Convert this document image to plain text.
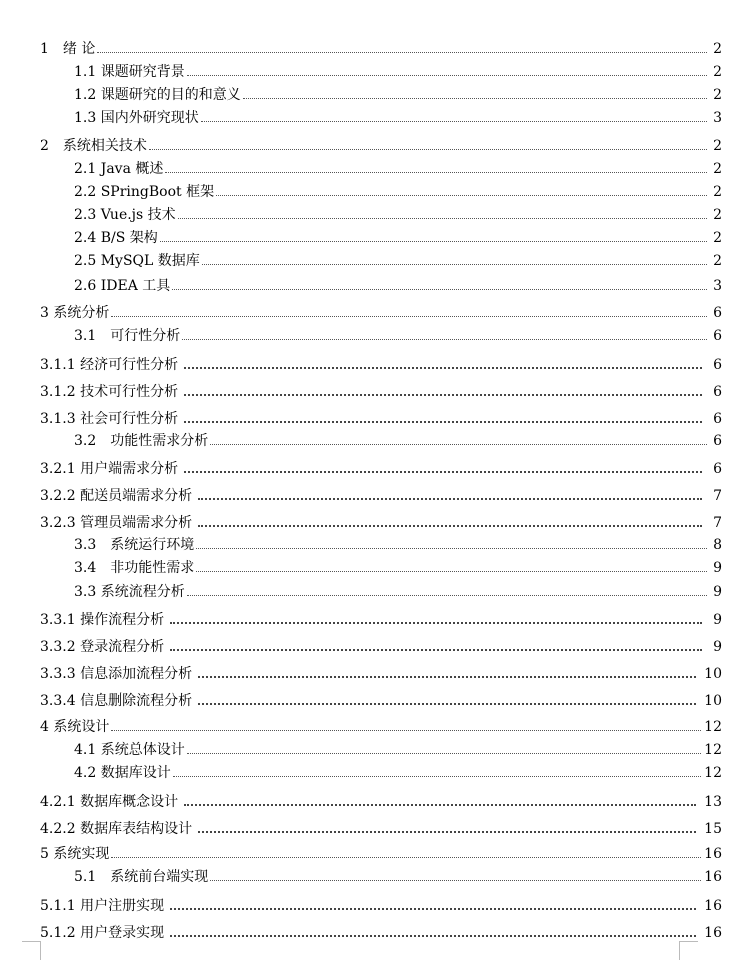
1　绪 论	2
1.1 课题研究背景	2
1.2 课题研究的目的和意义	2
1.3 国内外研究现状	3
2　系统相关技术	2
2.1 Java 概述	2
2.2 SPringBoot 框架	2
2.3 Vue.js 技术	2
2.4 B/S 架构	2
2.5 MySQL 数据库	2
2.6 IDEA 工具	3
3 系统分析	6
3.1　可行性分析	6
3.1.1 经济可行性分析	6
3.1.2 技术可行性分析	6
3.1.3 社会可行性分析	6
3.2　功能性需求分析	6
3.2.1 用户端需求分析	6
3.2.2 配送员端需求分析	7
3.2.3 管理员端需求分析	7
3.3　系统运行环境	8
3.4　非功能性需求	9
3.3 系统流程分析	9
3.3.1 操作流程分析	9
3.3.2 登录流程分析	9
3.3.3 信息添加流程分析	10
3.3.4 信息删除流程分析	10
4 系统设计	12
4.1 系统总体设计	12
4.2 数据库设计	12
4.2.1 数据库概念设计	13
4.2.2 数据库表结构设计	15
5 系统实现	16
5.1　系统前台端实现	16
5.1.1 用户注册实现	16
5.1.2 用户登录实现	16
